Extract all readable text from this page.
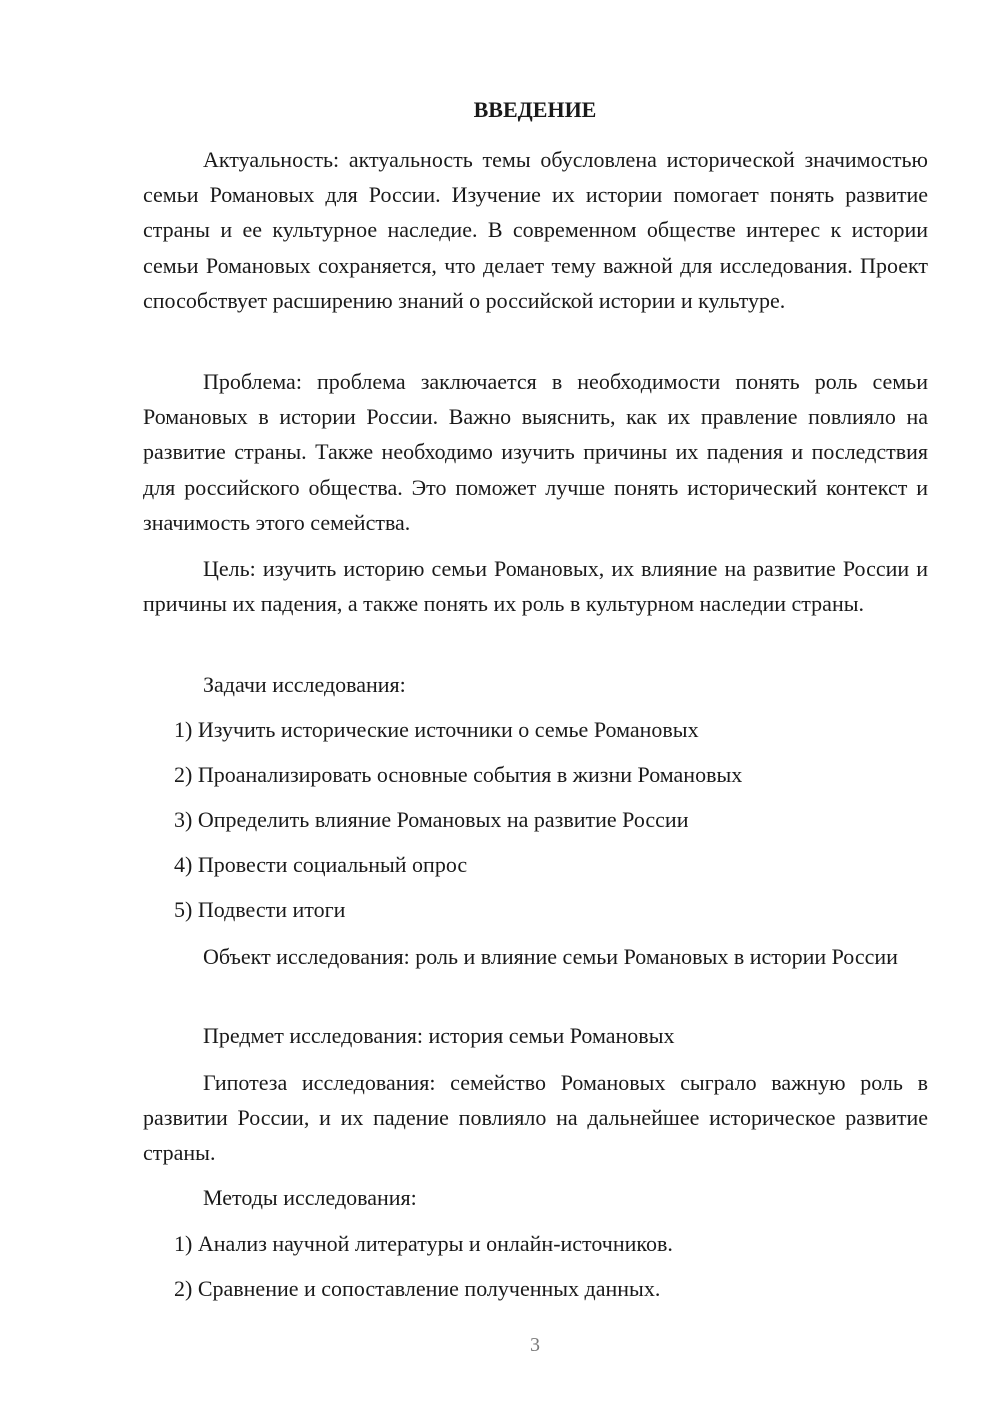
ВВЕДЕНИЕ

Актуальность: актуальность темы обусловлена исторической значимостью семьи Романовых для России. Изучение их истории помогает понять развитие страны и ее культурное наследие. В современном обществе интерес к истории семьи Романовых сохраняется, что делает тему важной для исследования. Проект способствует расширению знаний о российской истории и культуре.

Проблема: проблема заключается в необходимости понять роль семьи Романовых в истории России. Важно выяснить, как их правление повлияло на развитие страны. Также необходимо изучить причины их падения и последствия для российского общества. Это поможет лучше понять исторический контекст и значимость этого семейства.

Цель: изучить историю семьи Романовых, их влияние на развитие России и причины их падения, а также понять их роль в культурном наследии страны.

Задачи исследования:

1) Изучить исторические источники о семье Романовых

2) Проанализировать основные события в жизни Романовых

3) Определить влияние Романовых на развитие России

4) Провести социальный опрос

5) Подвести итоги

Объект исследования: роль и влияние семьи Романовых в истории России

Предмет исследования: история семьи Романовых

Гипотеза исследования: семейство Романовых сыграло важную роль в развитии России, и их падение повлияло на дальнейшее историческое развитие страны.

Методы исследования:

1) Анализ научной литературы и онлайн-источников.

2) Сравнение и сопоставление полученных данных.

3
